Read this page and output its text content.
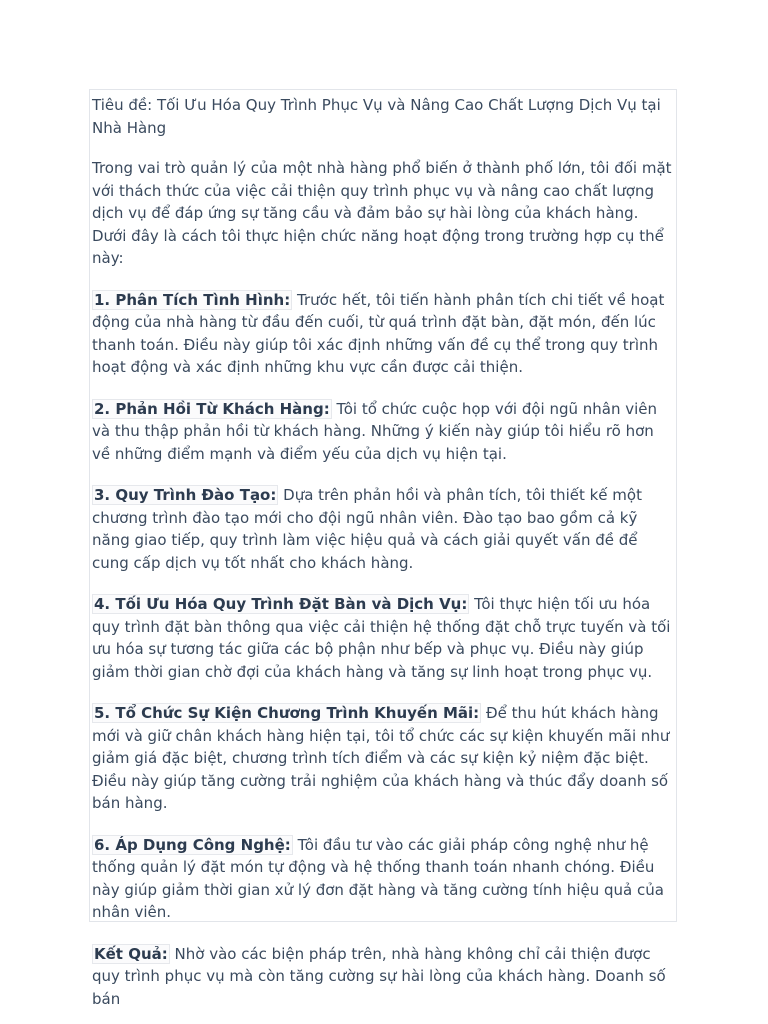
Tiêu đề: Tối Ưu Hóa Quy Trình Phục Vụ và Nâng Cao Chất Lượng Dịch Vụ tại Nhà Hàng

Trong vai trò quản lý của một nhà hàng phổ biến ở thành phố lớn, tôi đối mặt với thách thức của việc cải thiện quy trình phục vụ và nâng cao chất lượng dịch vụ để đáp ứng sự tăng cầu và đảm bảo sự hài lòng của khách hàng. Dưới đây là cách tôi thực hiện chức năng hoạt động trong trường hợp cụ thể này:

1. Phân Tích Tình Hình: Trước hết, tôi tiến hành phân tích chi tiết về hoạt động của nhà hàng từ đầu đến cuối, từ quá trình đặt bàn, đặt món, đến lúc thanh toán. Điều này giúp tôi xác định những vấn đề cụ thể trong quy trình hoạt động và xác định những khu vực cần được cải thiện.

2. Phản Hồi Từ Khách Hàng: Tôi tổ chức cuộc họp với đội ngũ nhân viên và thu thập phản hồi từ khách hàng. Những ý kiến này giúp tôi hiểu rõ hơn về những điểm mạnh và điểm yếu của dịch vụ hiện tại.

3. Quy Trình Đào Tạo: Dựa trên phản hồi và phân tích, tôi thiết kế một chương trình đào tạo mới cho đội ngũ nhân viên. Đào tạo bao gồm cả kỹ năng giao tiếp, quy trình làm việc hiệu quả và cách giải quyết vấn đề để cung cấp dịch vụ tốt nhất cho khách hàng.

4. Tối Ưu Hóa Quy Trình Đặt Bàn và Dịch Vụ: Tôi thực hiện tối ưu hóa quy trình đặt bàn thông qua việc cải thiện hệ thống đặt chỗ trực tuyến và tối ưu hóa sự tương tác giữa các bộ phận như bếp và phục vụ. Điều này giúp giảm thời gian chờ đợi của khách hàng và tăng sự linh hoạt trong phục vụ.

5. Tổ Chức Sự Kiện Chương Trình Khuyến Mãi: Để thu hút khách hàng mới và giữ chân khách hàng hiện tại, tôi tổ chức các sự kiện khuyến mãi như giảm giá đặc biệt, chương trình tích điểm và các sự kiện kỷ niệm đặc biệt. Điều này giúp tăng cường trải nghiệm của khách hàng và thúc đẩy doanh số bán hàng.

6. Áp Dụng Công Nghệ: Tôi đầu tư vào các giải pháp công nghệ như hệ thống quản lý đặt món tự động và hệ thống thanh toán nhanh chóng. Điều này giúp giảm thời gian xử lý đơn đặt hàng và tăng cường tính hiệu quả của nhân viên.

Kết Quả: Nhờ vào các biện pháp trên, nhà hàng không chỉ cải thiện được quy trình phục vụ mà còn tăng cường sự hài lòng của khách hàng. Doanh số bán
